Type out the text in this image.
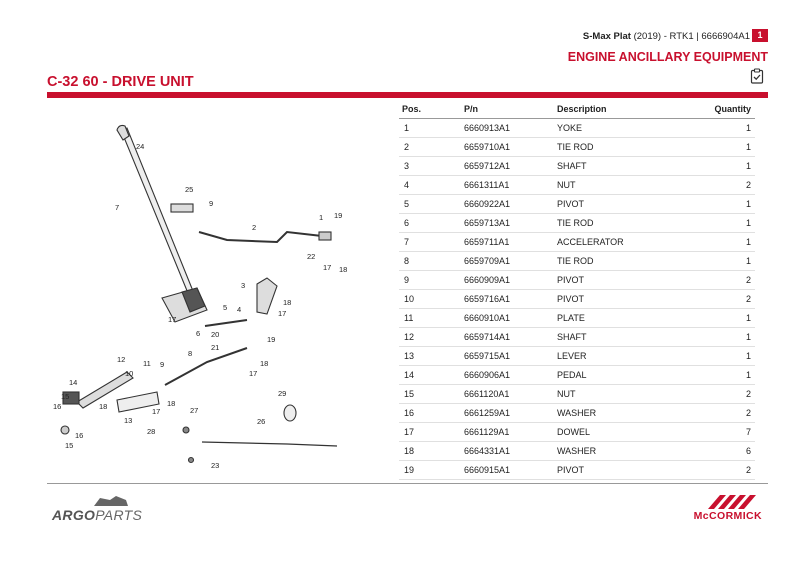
S-Max Plat (2019) - RTK1 | 6666904A1 1
ENGINE ANCILLARY EQUIPMENT
C-32 60 - DRIVE UNIT
24
7
25
9
2
1 19
22
17 18
3
4
5
18
17
6 20
17
21
19
12 11
10
9
8
17
18
14
15
16	18
13
17
18
27
29
26
28
16
15
23
Pos.	P/n	Description	Quantity
1	6660913A1	YOKE	1
2	6659710A1	TIE ROD	1
3	6659712A1	SHAFT	1
4	6661311A1	NUT	2
5	6660922A1	PIVOT	1
6	6659713A1	TIE ROD	1
7	6659711A1	ACCELERATOR	1
8	6659709A1	TIE ROD	1
9	6660909A1	PIVOT	2
10	6659716A1	PIVOT	2
11	6660910A1	PLATE	1
12	6659714A1	SHAFT	1
13	6659715A1	LEVER	1
14	6660906A1	PEDAL	1
15	6661120A1	NUT	2
16	6661259A1	WASHER	2
17	6661129A1	DOWEL	7
18	6664331A1	WASHER	6
19	6660915A1	PIVOT	2
ARGOPARTS	McCORMICK
